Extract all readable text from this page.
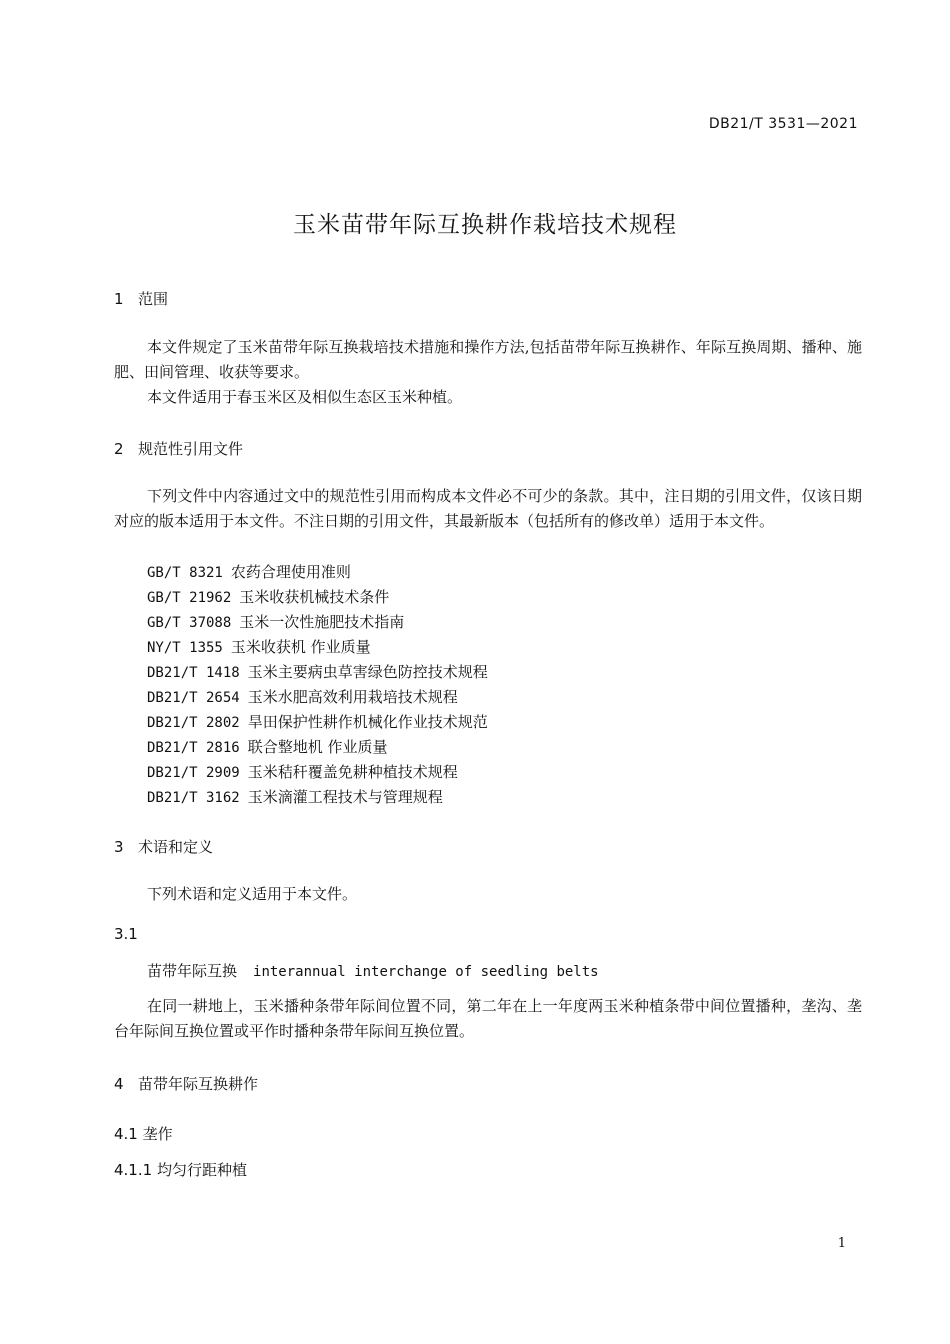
DB21/T 3531—2021
玉米苗带年际互换耕作栽培技术规程
1 范围
本文件规定了玉米苗带年际互换栽培技术措施和操作方法,包括苗带年际互换耕作、年际互换周期、播种、施肥、田间管理、收获等要求。
本文件适用于春玉米区及相似生态区玉米种植。
2 规范性引用文件
下列文件中内容通过文中的规范性引用而构成本文件必不可少的条款。其中，注日期的引用文件，仅该日期对应的版本适用于本文件。不注日期的引用文件，其最新版本（包括所有的修改单）适用于本文件。
GB/T 8321 农药合理使用准则
GB/T 21962 玉米收获机械技术条件
GB/T 37088 玉米一次性施肥技术指南
NY/T 1355 玉米收获机 作业质量
DB21/T 1418 玉米主要病虫草害绿色防控技术规程
DB21/T 2654 玉米水肥高效利用栽培技术规程
DB21/T 2802 旱田保护性耕作机械化作业技术规范
DB21/T 2816 联合整地机 作业质量
DB21/T 2909 玉米秸秆覆盖免耕种植技术规程
DB21/T 3162 玉米滴灌工程技术与管理规程
3 术语和定义
下列术语和定义适用于本文件。
3.1
苗带年际互换 interannual interchange of seedling belts
在同一耕地上，玉米播种条带年际间位置不同，第二年在上一年度两玉米种植条带中间位置播种，垄沟、垄台年际间互换位置或平作时播种条带年际间互换位置。
4 苗带年际互换耕作
4.1 垄作
4.1.1 均匀行距种植
1
